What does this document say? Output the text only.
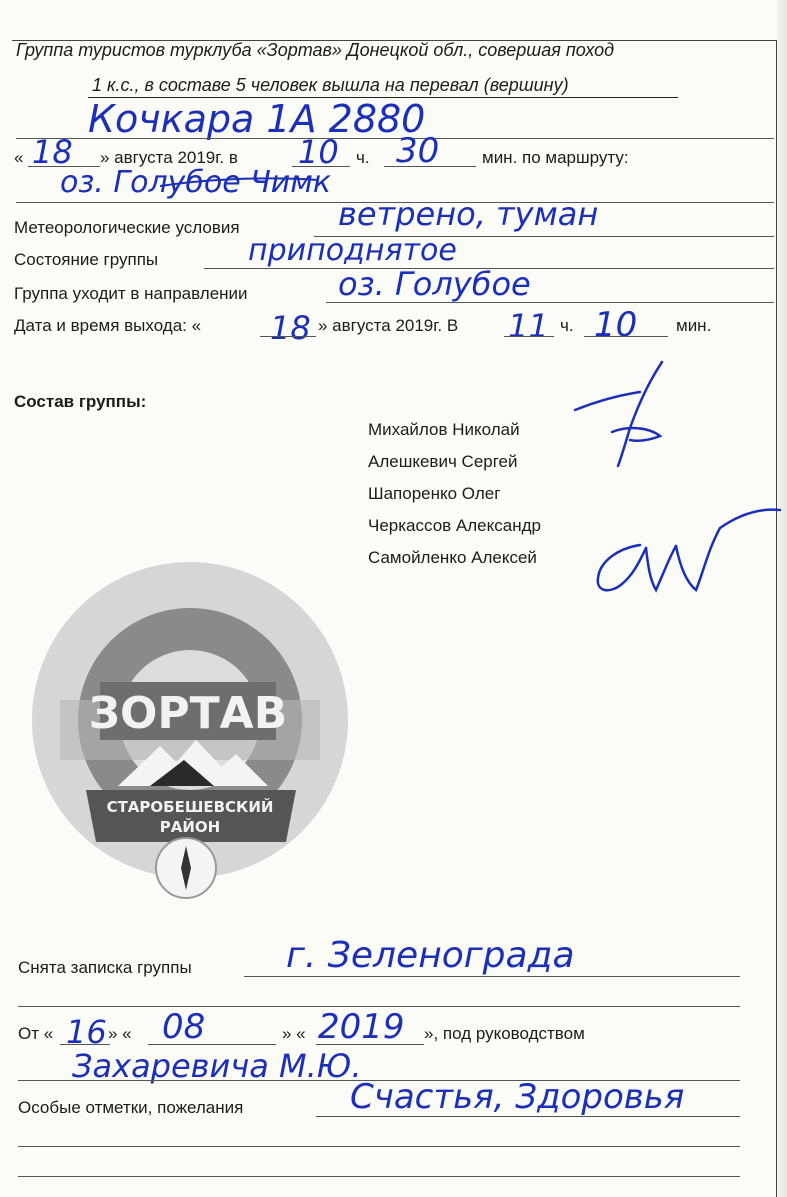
Группа туристов турклуба «Зортав» Донецкой обл., совершая поход
1 к.с., в составе 5 человек вышла на перевал (вершину)
Кочкара 1А 2880
« 18 » августа 2019г. в 10 ч. 30	мин. по маршруту:
оз. Голубое Чимк
Метеорологические условия	ветрено, туман
Состояние группы	приподнятое
Группа уходит в направлении	оз. Голубое
Дата и время выхода: « 18 » августа 2019г. В 11 ч. 10 мин.
Состав группы:
Михайлов Николай
Алешкевич Сергей
Шапоренко Олег
Черкассов Александр
Самойленко Алексей
ЗОРТАВ
СТАРОБЕШЕВСКИЙ
РАЙОН
Снята записка группы	г. Зеленограда
От « 16 » « 08	» « 2019 », под руководством
Захаревича М.Ю.
Особые отметки, пожелания	Счастья, Здоровья
